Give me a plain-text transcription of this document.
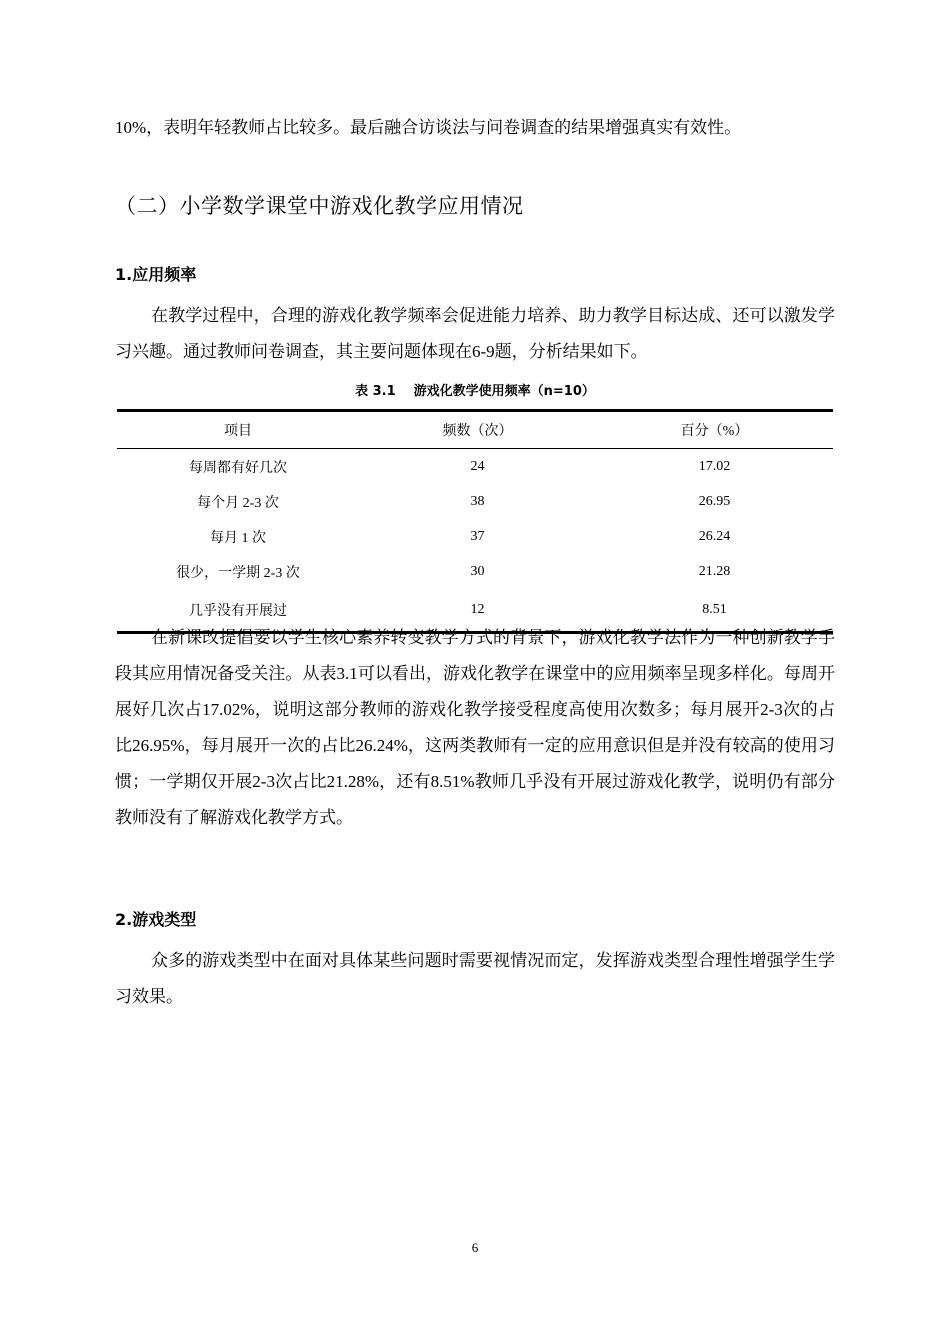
10%，表明年轻教师占比较多。最后融合访谈法与问卷调查的结果增强真实有效性。

（二）小学数学课堂中游戏化教学应用情况
1.应用频率

在教学过程中，合理的游戏化教学频率会促进能力培养、助力教学目标达成、还可以激发学习兴趣。通过教师问卷调查，其主要问题体现在6-9题，分析结果如下。

表 3.1 游戏化教学使用频率（n=10）
项目	频数（次）	百分（%）
每周都有好几次	24	17.02
每个月 2-3 次	38	26.95
每月 1 次	37	26.24
很少，一学期 2-3 次	30	21.28
几乎没有开展过	12	8.51

在新课改提倡要以学生核心素养转变教学方式的背景下，游戏化教学法作为一种创新教学手段其应用情况备受关注。从表3.1可以看出，游戏化教学在课堂中的应用频率呈现多样化。每周开展好几次占17.02%，说明这部分教师的游戏化教学接受程度高使用次数多；每月展开2-3次的占比26.95%，每月展开一次的占比26.24%，这两类教师有一定的应用意识但是并没有较高的使用习惯；一学期仅开展2-3次占比21.28%，还有8.51%教师几乎没有开展过游戏化教学，说明仍有部分教师没有了解游戏化教学方式。

2.游戏类型

众多的游戏类型中在面对具体某些问题时需要视情况而定，发挥游戏类型合理性增强学生学习效果。

6
